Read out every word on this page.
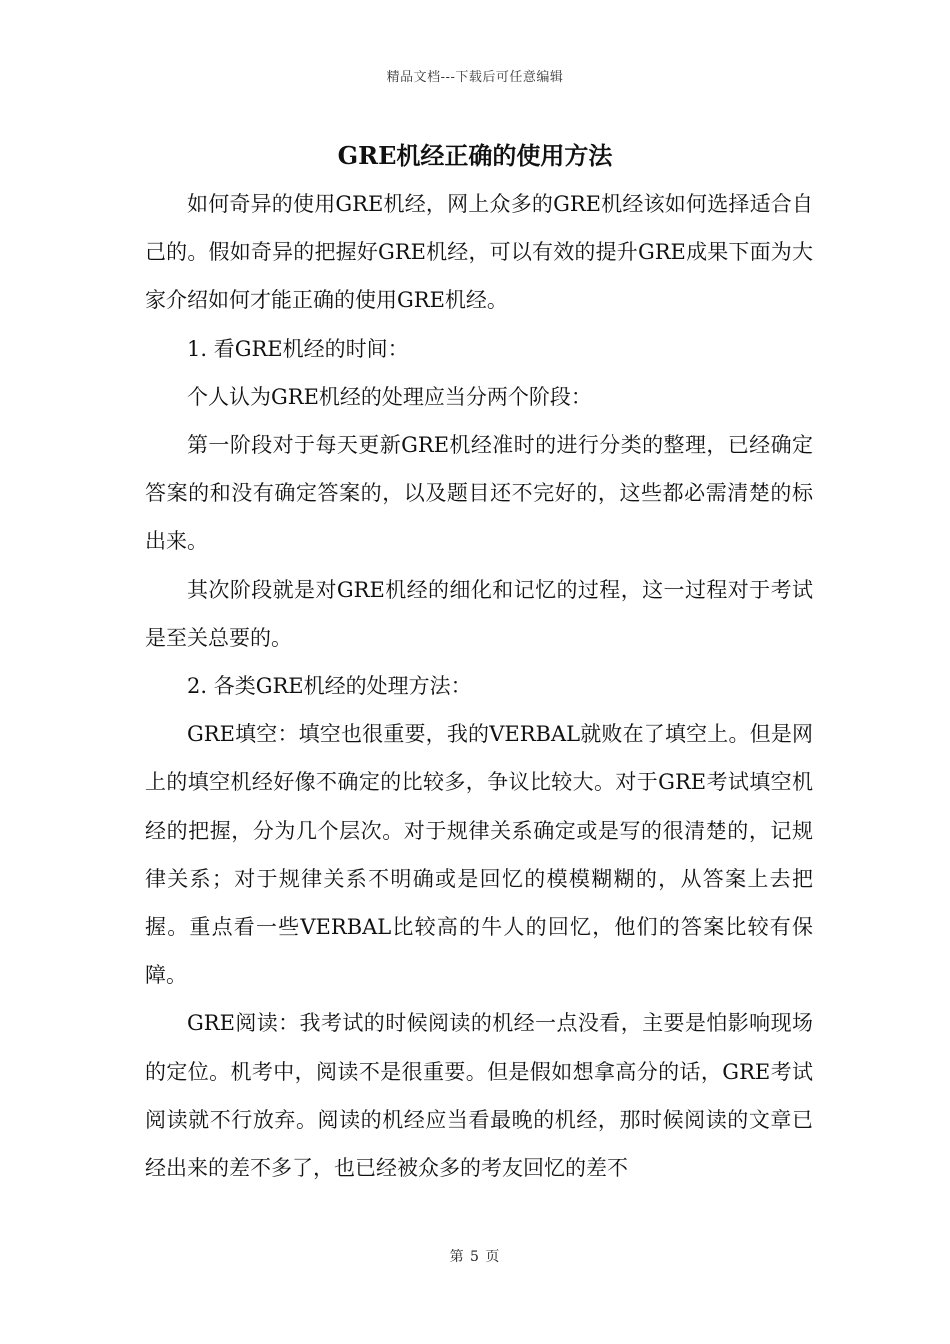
精品文档---下载后可任意编辑
GRE机经正确的使用方法

如何奇异的使用GRE机经，网上众多的GRE机经该如何选择适合自己的。假如奇异的把握好GRE机经，可以有效的提升GRE成果下面为大家介绍如何才能正确的使用GRE机经。

1. 看GRE机经的时间：

个人认为GRE机经的处理应当分两个阶段：

第一阶段对于每天更新GRE机经准时的进行分类的整理，已经确定答案的和没有确定答案的，以及题目还不完好的，这些都必需清楚的标出来。

其次阶段就是对GRE机经的细化和记忆的过程，这一过程对于考试是至关总要的。

2. 各类GRE机经的处理方法：

GRE填空：填空也很重要，我的VERBAL就败在了填空上。但是网上的填空机经好像不确定的比较多，争议比较大。对于GRE考试填空机经的把握，分为几个层次。对于规律关系确定或是写的很清楚的，记规律关系；对于规律关系不明确或是回忆的模模糊糊的，从答案上去把握。重点看一些VERBAL比较高的牛人的回忆，他们的答案比较有保障。

GRE阅读：我考试的时候阅读的机经一点没看，主要是怕影响现场的定位。机考中，阅读不是很重要。但是假如想拿高分的话，GRE考试阅读就不行放弃。阅读的机经应当看最晚的机经，那时候阅读的文章已经出来的差不多了，也已经被众多的考友回忆的差不

第 5 页
